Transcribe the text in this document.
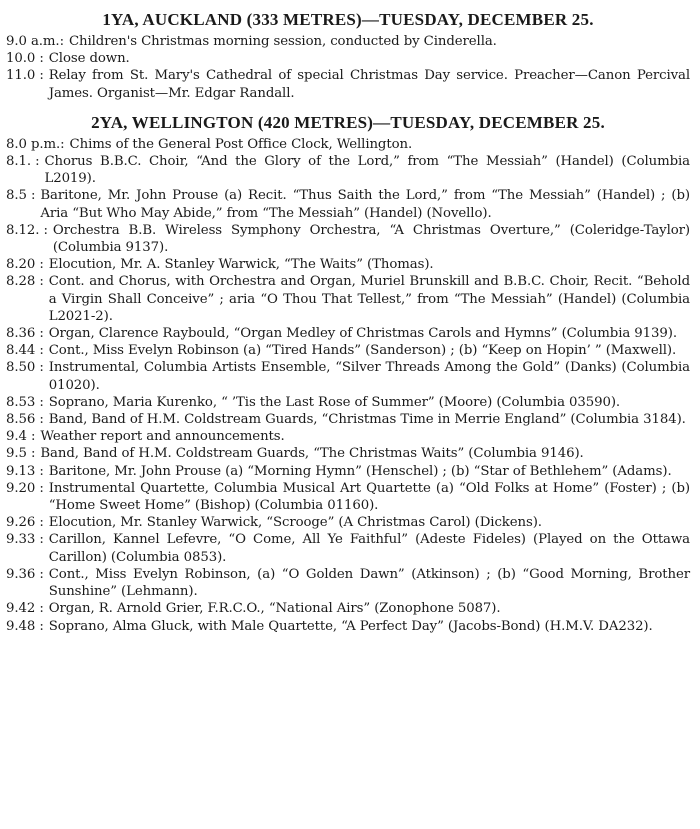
1YA, AUCKLAND (333 METRES)—TUESDAY, DECEMBER 25.
9.0 a.m.: Children's Christmas morning session, conducted by Cinderella.
10.0 : Close down.
11.0 : Relay from St. Mary's Cathedral of special Christmas Day service. Preacher—Canon Percival James. Organist—Mr. Edgar Randall.
2YA, WELLINGTON (420 METRES)—TUESDAY, DECEMBER 25.
8.0 p.m.: Chims of the General Post Office Clock, Wellington.
8.1. : Chorus B.B.C. Choir, “And the Glory of the Lord,” from “The Messiah” (Handel) (Columbia L2019).
8.5 : Baritone, Mr. John Prouse (a) Recit. “Thus Saith the Lord,” from “The Messiah” (Handel) ; (b) Aria “But Who May Abide,” from “The Messiah” (Handel) (Novello).
8.12. : Orchestra B.B. Wireless Symphony Orchestra, “A Christmas Overture,” (Coleridge-Taylor) (Columbia 9137).
8.20 : Elocution, Mr. A. Stanley Warwick, “The Waits” (Thomas).
8.28 : Cont. and Chorus, with Orchestra and Organ, Muriel Brunskill and B.B.C. Choir, Recit. “Behold a Virgin Shall Conceive” ; aria “O Thou That Tellest,” from “The Messiah” (Handel) (Columbia L2021-2).
8.36 : Organ, Clarence Raybould, “Organ Medley of Christmas Carols and Hymns” (Columbia 9139).
8.44 : Cont., Miss Evelyn Robinson (a) “Tired Hands” (Sanderson) ; (b) “Keep on Hopin’ ” (Maxwell).
8.50 : Instrumental, Columbia Artists Ensemble, “Silver Threads Among the Gold” (Danks) (Columbia 01020).
8.53 : Soprano, Maria Kurenko, “ ’Tis the Last Rose of Summer” (Moore) (Columbia 03590).
8.56 : Band, Band of H.M. Coldstream Guards, “Christmas Time in Merrie England” (Columbia 3184).
9.4 : Weather report and announcements.
9.5 : Band, Band of H.M. Coldstream Guards, “The Christmas Waits” (Columbia 9146).
9.13 : Baritone, Mr. John Prouse (a) “Morning Hymn” (Henschel) ; (b) “Star of Bethlehem” (Adams).
9.20 : Instrumental Quartette, Columbia Musical Art Quartette (a) “Old Folks at Home” (Foster) ; (b) “Home Sweet Home” (Bishop) (Columbia 01160).
9.26 : Elocution, Mr. Stanley Warwick, “Scrooge” (A Christmas Carol) (Dickens).
9.33 : Carillon, Kannel Lefevre, “O Come, All Ye Faithful” (Adeste Fideles) (Played on the Ottawa Carillon) (Columbia 0853).
9.36 : Cont., Miss Evelyn Robinson, (a) “O Golden Dawn” (Atkinson) ; (b) “Good Morning, Brother Sunshine” (Lehmann).
9.42 : Organ, R. Arnold Grier, F.R.C.O., “National Airs” (Zonophone 5087).
9.48 : Soprano, Alma Gluck, with Male Quartette, “A Perfect Day” (Jacobs-Bond) (H.M.V. DA232).
